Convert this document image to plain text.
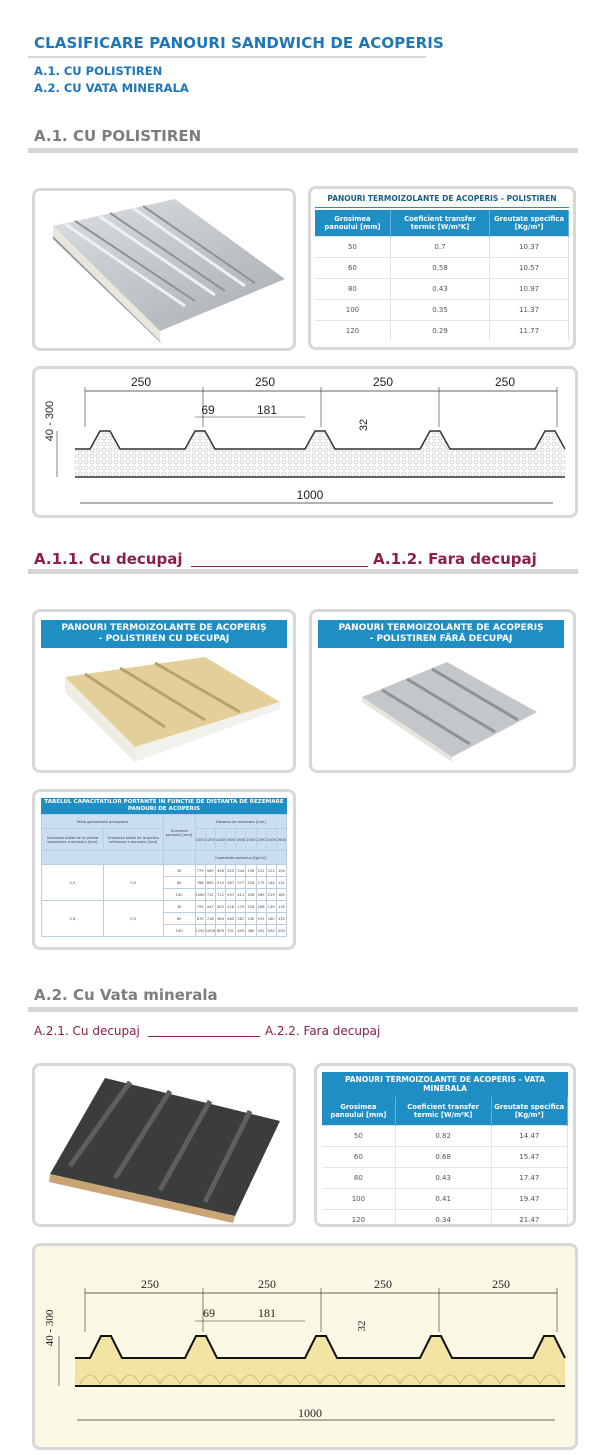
CLASIFICARE PANOURI SANDWICH DE ACOPERIS
A.1. CU POLISTIREN
A.2. CU VATA MINERALA
A.1. CU POLISTIREN
PANOURI TERMOIZOLANTE DE ACOPERIS - POLISTIREN
Grosimea panoului [mm]	Coeficient transfer termic [W/m²K]	Greutate specifica [Kg/m²]
50	0.7	10.37
60	0.58	10.57
80	0.43	10.97
100	0.35	11.37
120	0.29	11.77
250	250	250	250
69	181
32
40 - 300
1000
A.1.1. Cu decupaj	A.1.2. Fara decupaj
PANOURI TERMOIZOLANTE DE ACOPERIȘ
- POLISTIREN CU DECUPAJ
PANOURI TERMOIZOLANTE DE ACOPERIȘ
- POLISTIREN FĂRĂ DECUPAJ
TABELUL CAPACITATILOR PORTANTE IN FUNCTIE DE DISTANTA DE REZEMARE
PANOURI DE ACOPERIS
Tabla galvanizata prevopsita		Grosimea panoului [mm]	Distanta de rezemare [mm]								
Grosimea tablei de la partea superioara a panoului [mm]	Grosimea tablei de la partea inferioara a panoului [mm]		1000	1200	1400	1600	1800	2000	2200	2400	2600
			Capacitate portanta [Kg/m2]								
0,5	0,5	30	779	585	456	325	244	190	151	121	104
		60	788	600	510	367	277	218	175	144	121
		100	1060	712	712	557	411	326	265	219	185
0,6	0,5	30	793	447	302	228	179	218	168	139	116
		60	870	718	564	465	287	240	191	160	133
		100	1192	1008	809	701	493	380	291	250	209
A.2. Cu Vata minerala
A.2.1. Cu decupaj	A.2.2. Fara decupaj
PANOURI TERMOIZOLANTE DE ACOPERIS - VATA MINERALA
Grosimea panoului [mm]	Coeficient transfer termic [W/m²K]	Greutate specifica [Kg/m²]
50	0.82	14.47
60	0.68	15.47
80	0.43	17.47
100	0.41	19.47
120	0.34	21.47
250	250	250	250
69	181
32
40 - 300
1000
